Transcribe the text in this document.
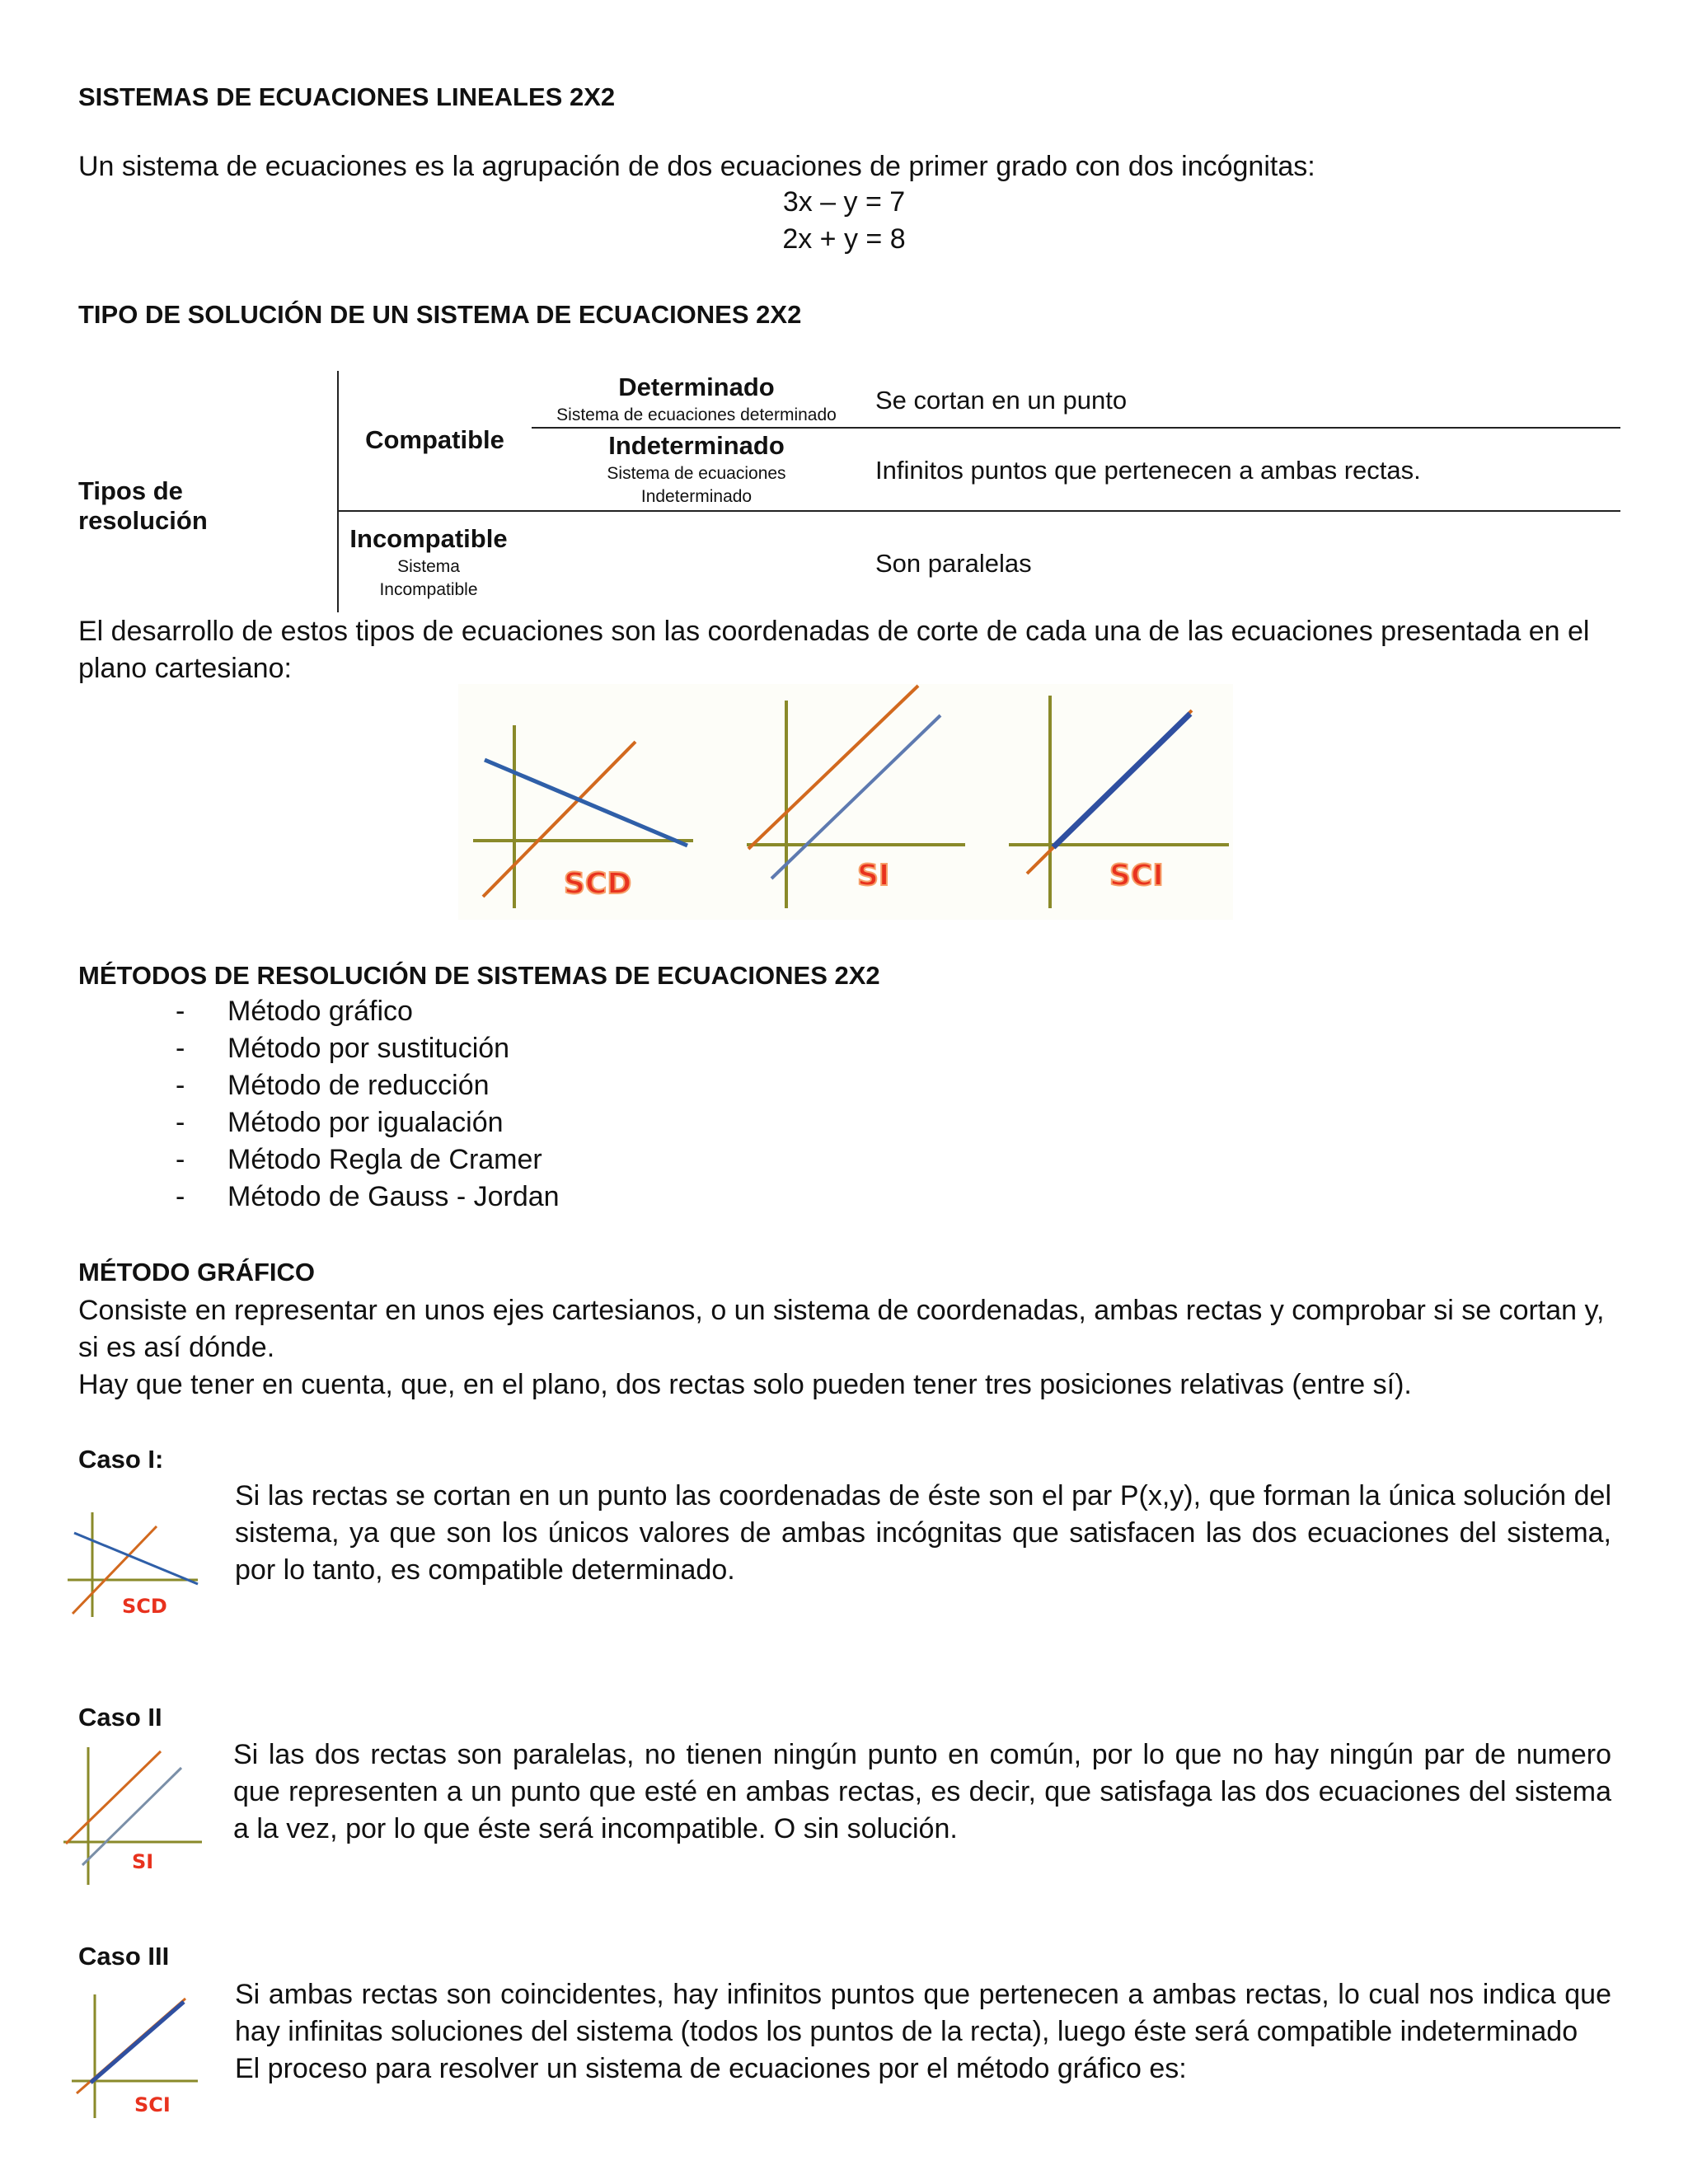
SISTEMAS DE ECUACIONES LINEALES 2X2
Un sistema de ecuaciones es la agrupación de dos ecuaciones de primer grado con dos incógnitas:
3x – y = 7
2x + y = 8
TIPO DE SOLUCIÓN DE UN SISTEMA DE ECUACIONES 2X2
Tipos de resolución
Compatible
Determinado
Sistema de ecuaciones determinado
Indeterminado
Sistema de ecuaciones
Indeterminado
Incompatible
Sistema
Incompatible
Se cortan en un punto
Infinitos puntos que pertenecen a ambas rectas.
Son paralelas
El desarrollo de estos tipos de ecuaciones son las coordenadas de corte de cada una de las ecuaciones presentada en el plano cartesiano:
SCD	SI	SCI
MÉTODOS DE RESOLUCIÓN DE SISTEMAS DE ECUACIONES 2X2
- Método gráfico
- Método por sustitución
- Método de reducción
- Método por igualación
- Método Regla de Cramer
- Método de Gauss - Jordan
MÉTODO GRÁFICO
Consiste en representar en unos ejes cartesianos, o un sistema de coordenadas, ambas rectas y comprobar si se cortan y, si es así dónde.
Hay que tener en cuenta, que, en el plano, dos rectas solo pueden tener tres posiciones relativas (entre sí).
Caso I:
SCD
Si las rectas se cortan en un punto las coordenadas de éste son el par P(x,y), que forman la única solución del sistema, ya que son los únicos valores de ambas incógnitas que satisfacen las dos ecuaciones del sistema, por lo tanto, es compatible determinado.
Caso II
SI
Si las dos rectas son paralelas, no tienen ningún punto en común, por lo que no hay ningún par de numero que representen a un punto que esté en ambas rectas, es decir, que satisfaga las dos ecuaciones del sistema a la vez, por lo que éste será incompatible. O sin solución.
Caso III
SCI
Si ambas rectas son coincidentes, hay infinitos puntos que pertenecen a ambas rectas, lo cual nos indica que hay infinitas soluciones del sistema (todos los puntos de la recta), luego éste será compatible indeterminado
El proceso para resolver un sistema de ecuaciones por el método gráfico es:
